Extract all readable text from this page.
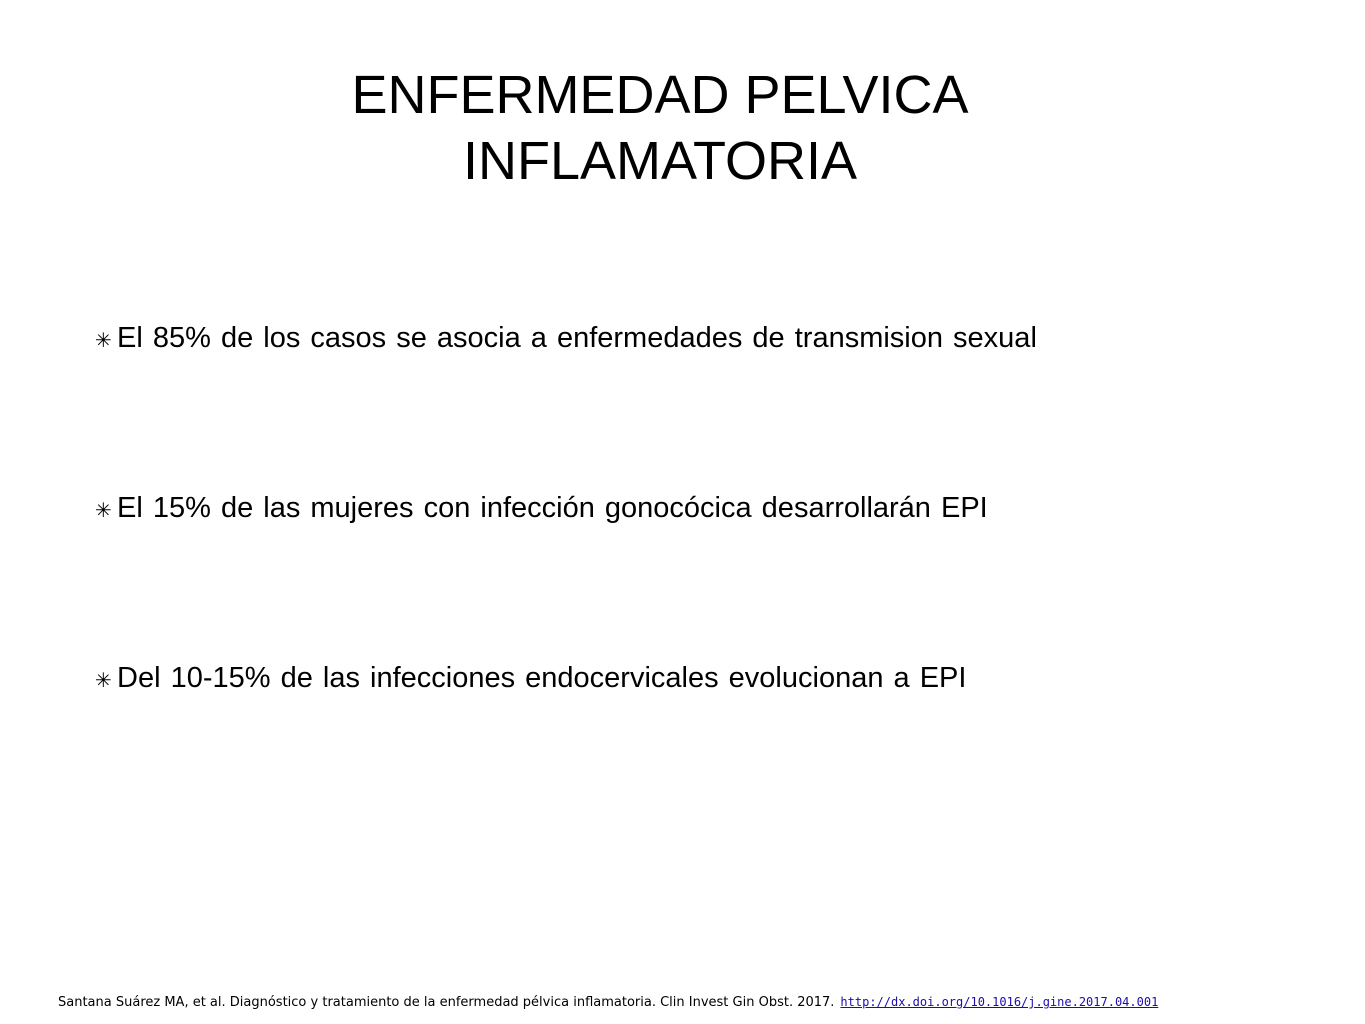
ENFERMEDAD PELVICA
INFLAMATORIA
✳ El 85% de los casos se asocia a enfermedades de transmision sexual
✳ El 15% de las mujeres con infección gonocócica desarrollarán EPI
✳ Del 10-15% de las infecciones endocervicales evolucionan a EPI
Santana Suárez MA, et al. Diagnóstico y tratamiento de la enfermedad pélvica inflamatoria. Clin Invest Gin Obst. 2017. http://dx.doi.org/10.1016/j.gine.2017.04.001
